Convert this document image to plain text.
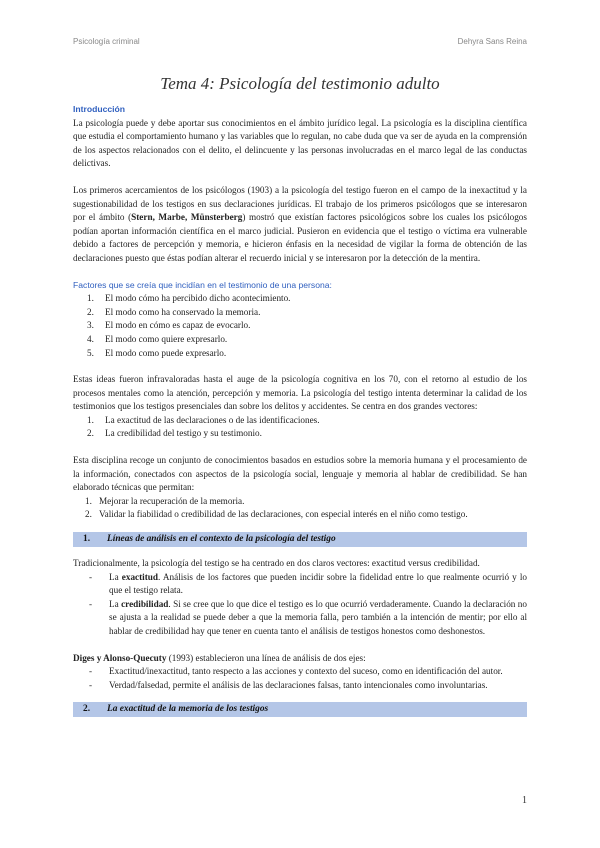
Psicología criminal	Dehyra Sans Reina
Tema 4: Psicología del testimonio adulto
Introducción

La psicología puede y debe aportar sus conocimientos en el ámbito jurídico legal. La psicología es la disciplina científica que estudia el comportamiento humano y las variables que lo regulan, no cabe duda que va ser de ayuda en la comprensión de los aspectos relacionados con el delito, el delincuente y las personas involucradas en el marco legal de las conductas delictivas.

Los primeros acercamientos de los psicólogos (1903) a la psicología del testigo fueron en el campo de la inexactitud y la sugestionabilidad de los testigos en sus declaraciones jurídicas. El trabajo de los primeros psicólogos que se interesaron por el ámbito (Stern, Marbe, Münsterberg) mostró que existían factores psicológicos sobre los cuales los psicólogos podían aportan información científica en el marco judicial. Pusieron en evidencia que el testigo o víctima era vulnerable debido a factores de percepción y memoria, e hicieron énfasis en la necesidad de vigilar la forma de obtención de las declaraciones puesto que éstas podían alterar el recuerdo inicial y se interesaron por la detección de la mentira.

Factores que se creía que incidían en el testimonio de una persona:
1. El modo cómo ha percibido dicho acontecimiento.
2. El modo como ha conservado la memoria.
3. El modo en cómo es capaz de evocarlo.
4. El modo como quiere expresarlo.
5. El modo como puede expresarlo.

Estas ideas fueron infravaloradas hasta el auge de la psicología cognitiva en los 70, con el retorno al estudio de los procesos mentales como la atención, percepción y memoria. La psicología del testigo intenta determinar la calidad de los testimonios que los testigos presenciales dan sobre los delitos y accidentes. Se centra en dos grandes vectores:

1. La exactitud de las declaraciones o de las identificaciones.
2. La credibilidad del testigo y su testimonio.

Esta disciplina recoge un conjunto de conocimientos basados en estudios sobre la memoria humana y el procesamiento de la información, conectados con aspectos de la psicología social, lenguaje y memoria al hablar de credibilidad. Se han elaborado técnicas que permitan:

1. Mejorar la recuperación de la memoria.
2. Validar la fiabilidad o credibilidad de las declaraciones, con especial interés en el niño como testigo.
1. Líneas de análisis en el contexto de la psicología del testigo

Tradicionalmente, la psicología del testigo se ha centrado en dos claros vectores: exactitud versus credibilidad.

- La exactitud. Análisis de los factores que pueden incidir sobre la fidelidad entre lo que realmente ocurrió y lo que el testigo relata.
- La credibilidad. Si se cree que lo que dice el testigo es lo que ocurrió verdaderamente. Cuando la declaración no se ajusta a la realidad se puede deber a que la memoria falla, pero también a la intención de mentir; por ello al hablar de credibilidad hay que tener en cuenta tanto el análisis de testigos honestos como deshonestos.

Diges y Alonso-Quecuty (1993) establecieron una línea de análisis de dos ejes:

- Exactitud/inexactitud, tanto respecto a las acciones y contexto del suceso, como en identificación del autor.
- Verdad/falsedad, permite el análisis de las declaraciones falsas, tanto intencionales como involuntarias.
2. La exactitud de la memoria de los testigos
1
